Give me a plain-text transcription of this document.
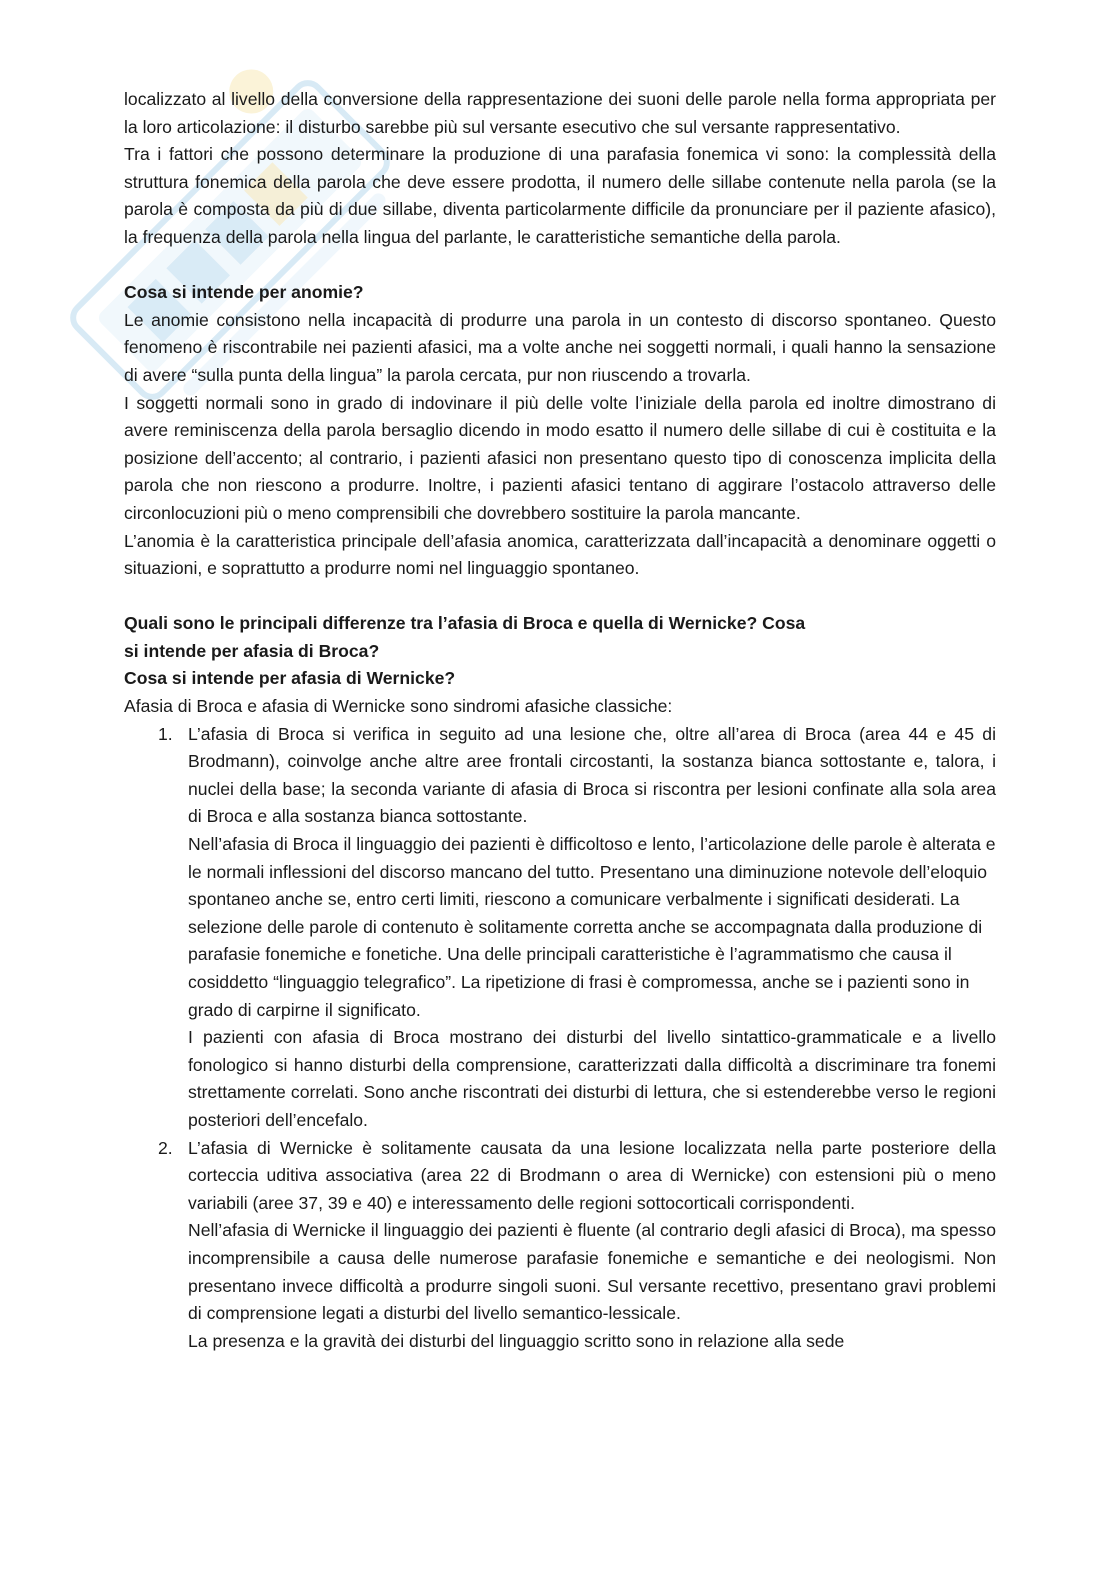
localizzato al livello della conversione della rappresentazione dei suoni delle parole nella forma appropriata per la loro articolazione: il disturbo sarebbe più sul versante esecutivo che sul versante rappresentativo.

Tra i fattori che possono determinare la produzione di una parafasia fonemica vi sono: la complessità della struttura fonemica della parola che deve essere prodotta, il numero delle sillabe contenute nella parola (se la parola è composta da più di due sillabe, diventa particolarmente difficile da pronunciare per il paziente afasico), la frequenza della parola nella lingua del parlante, le caratteristiche semantiche della parola.

Cosa si intende per anomie?

Le anomie consistono nella incapacità di produrre una parola in un contesto di discorso spontaneo. Questo fenomeno è riscontrabile nei pazienti afasici, ma a volte anche nei soggetti normali, i quali hanno la sensazione di avere “sulla punta della lingua” la parola cercata, pur non riuscendo a trovarla.

I soggetti normali sono in grado di indovinare il più delle volte l’iniziale della parola ed inoltre dimostrano di avere reminiscenza della parola bersaglio dicendo in modo esatto il numero delle sillabe di cui è costituita e la posizione dell’accento; al contrario, i pazienti afasici non presentano questo tipo di conoscenza implicita della parola che non riescono a produrre. Inoltre, i pazienti afasici tentano di aggirare l’ostacolo attraverso delle circonlocuzioni più o meno comprensibili che dovrebbero sostituire la parola mancante.

L’anomia è la caratteristica principale dell’afasia anomica, caratterizzata dall’incapacità a denominare oggetti o situazioni, e soprattutto a produrre nomi nel linguaggio spontaneo.

Quali sono le principali differenze tra l’afasia di Broca e quella di Wernicke? Cosa

si intende per afasia di Broca?

Cosa si intende per afasia di Wernicke?

Afasia di Broca e afasia di Wernicke sono sindromi afasiche classiche:

1. L’afasia di Broca si verifica in seguito ad una lesione che, oltre all’area di Broca (area 44 e 45 di Brodmann), coinvolge anche altre aree frontali circostanti, la sostanza bianca sottostante e, talora, i nuclei della base; la seconda variante di afasia di Broca si riscontra per lesioni confinate alla sola area di Broca e alla sostanza bianca sottostante.

Nell’afasia di Broca il linguaggio dei pazienti è difficoltoso e lento, l’articolazione delle parole è alterata e le normali inflessioni del discorso mancano del tutto. Presentano una diminuzione notevole dell’eloquio spontaneo anche se, entro certi limiti, riescono a comunicare verbalmente i significati desiderati. La selezione delle parole di contenuto è solitamente corretta anche se accompagnata dalla produzione di parafasie fonemiche e fonetiche. Una delle principali caratteristiche è l’agrammatismo che causa il cosiddetto “linguaggio telegrafico”. La ripetizione di frasi è compromessa, anche se i pazienti sono in grado di carpirne il significato.

I pazienti con afasia di Broca mostrano dei disturbi del livello sintattico-grammaticale e a livello fonologico si hanno disturbi della comprensione, caratterizzati dalla difficoltà a discriminare tra fonemi strettamente correlati. Sono anche riscontrati dei disturbi di lettura, che si estenderebbe verso le regioni posteriori dell’encefalo.

2. L’afasia di Wernicke è solitamente causata da una lesione localizzata nella parte posteriore della corteccia uditiva associativa (area 22 di Brodmann o area di Wernicke) con estensioni più o meno variabili (aree 37, 39 e 40) e interessamento delle regioni sottocorticali corrispondenti.

Nell’afasia di Wernicke il linguaggio dei pazienti è fluente (al contrario degli afasici di Broca), ma spesso incomprensibile a causa delle numerose parafasie fonemiche e semantiche e dei neologismi. Non presentano invece difficoltà a produrre singoli suoni. Sul versante recettivo, presentano gravi problemi di comprensione legati a disturbi del livello semantico-lessicale.

La presenza e la gravità dei disturbi del linguaggio scritto sono in relazione alla sede
